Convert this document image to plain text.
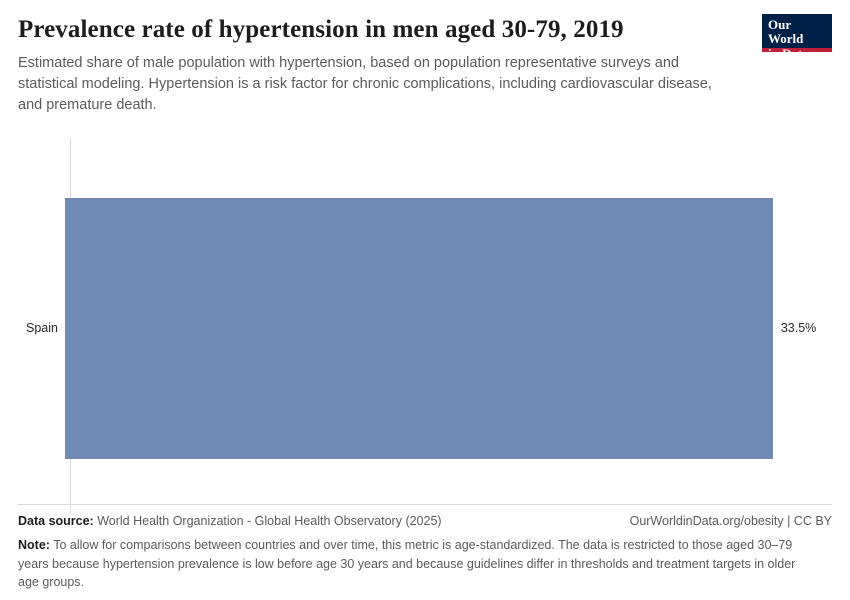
Prevalence rate of hypertension in men aged 30-79, 2019

Estimated share of male population with hypertension, based on population representative surveys and statistical modeling. Hypertension is a risk factor for chronic complications, including cardiovascular disease, and premature death.

Our World
in Data
Spain	33.5%
Data source: World Health Organization - Global Health Observatory (2025)	OurWorldinData.org/obesity | CC BY
Note: To allow for comparisons between countries and over time, this metric is age-standardized. The data is restricted to those aged 30–79 years because hypertension prevalence is low before age 30 years and because guidelines differ in thresholds and treatment targets in older age groups.
